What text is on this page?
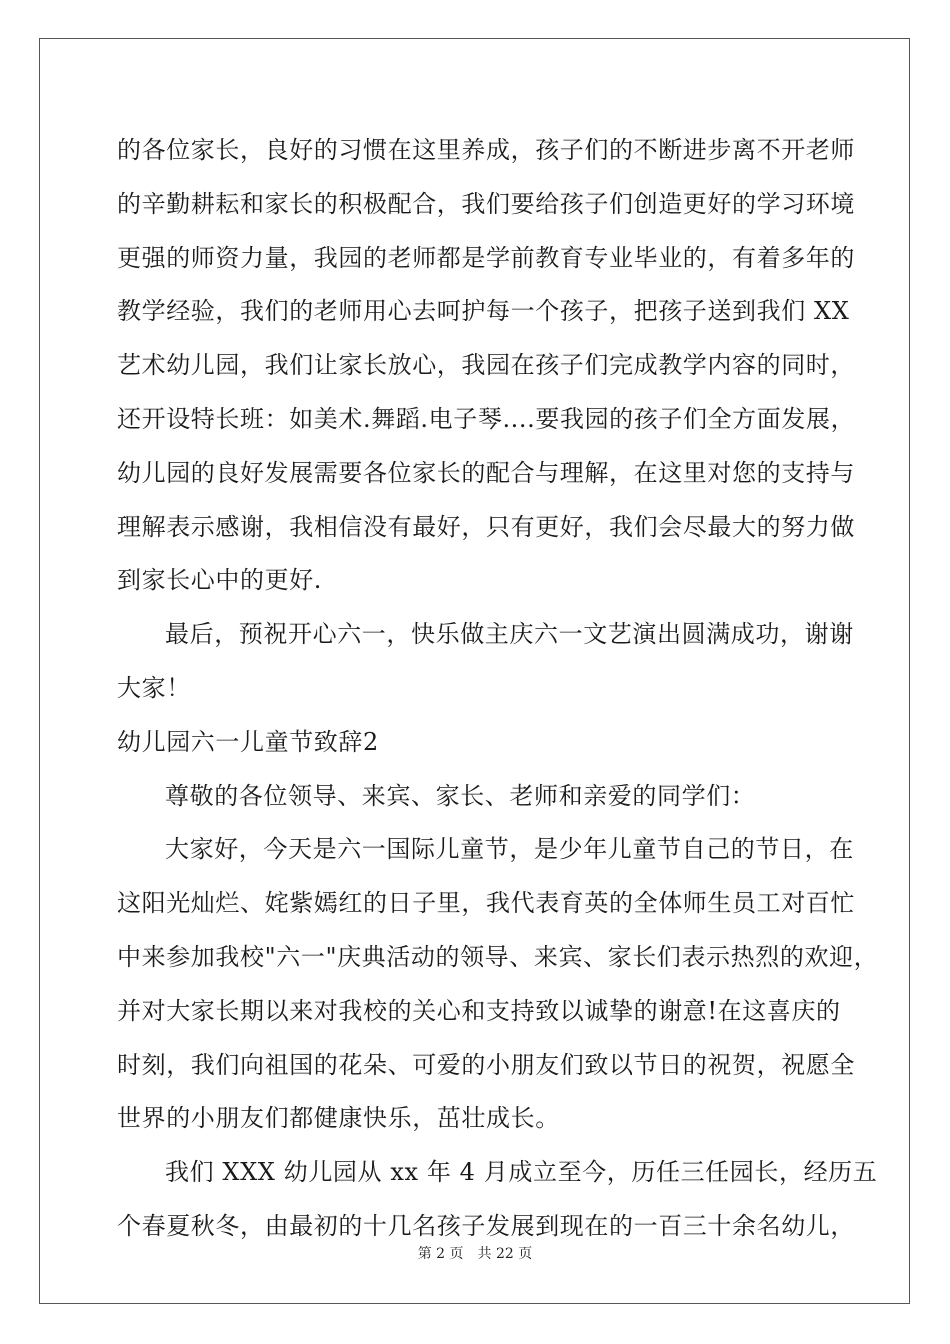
的各位家长，良好的习惯在这里养成，孩子们的不断进步离不开老师
的辛勤耕耘和家长的积极配合，我们要给孩子们创造更好的学习环境
更强的师资力量，我园的老师都是学前教育专业毕业的，有着多年的
教学经验，我们的老师用心去呵护每一个孩子，把孩子送到我们 XX
艺术幼儿园，我们让家长放心，我园在孩子们完成教学内容的同时，
还开设特长班：如美术.舞蹈.电子琴....要我园的孩子们全方面发展，
幼儿园的良好发展需要各位家长的配合与理解，在这里对您的支持与
理解表示感谢，我相信没有最好，只有更好，我们会尽最大的努力做
到家长心中的更好.
最后，预祝开心六一，快乐做主庆六一文艺演出圆满成功，谢谢
大家！
幼儿园六一儿童节致辞2
尊敬的各位领导、来宾、家长、老师和亲爱的同学们：
大家好，今天是六一国际儿童节，是少年儿童节自己的节日，在
这阳光灿烂、姹紫嫣红的日子里，我代表育英的全体师生员工对百忙
中来参加我校"六一"庆典活动的领导、来宾、家长们表示热烈的欢迎，
并对大家长期以来对我校的关心和支持致以诚挚的谢意!在这喜庆的
时刻，我们向祖国的花朵、可爱的小朋友们致以节日的祝贺，祝愿全
世界的小朋友们都健康快乐，茁壮成长。
我们 XXX 幼儿园从 xx 年 4 月成立至今，历任三任园长，经历五
个春夏秋冬，由最初的十几名孩子发展到现在的一百三十余名幼儿，
第 2 页 共 22 页
